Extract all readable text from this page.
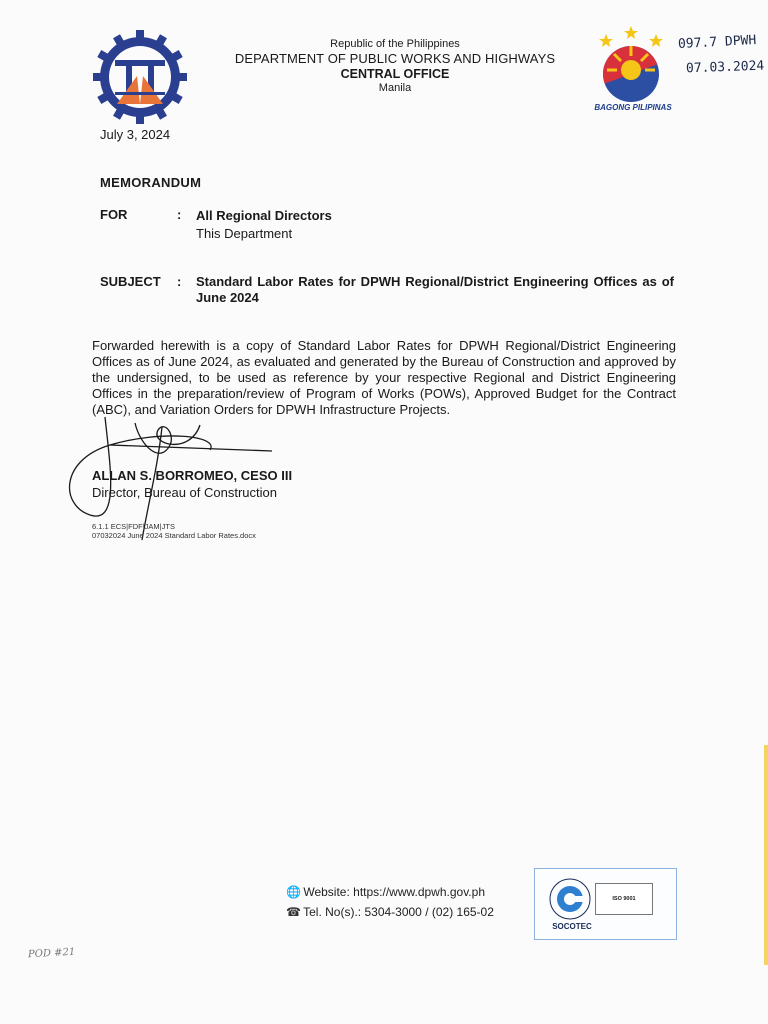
Republic of the Philippines
DEPARTMENT OF PUBLIC WORKS AND HIGHWAYS
CENTRAL OFFICE
Manila
BAGONG PILIPINAS
097.7 DPWH
07.03.2024
July 3, 2024
MEMORANDUM
FOR	: All Regional Directors
This Department
SUBJECT : Standard Labor Rates for DPWH Regional/District Engineering Offices as of June 2024
Forwarded herewith is a copy of Standard Labor Rates for DPWH Regional/District Engineering Offices as of June 2024, as evaluated and generated by the Bureau of Construction and approved by the undersigned, to be used as reference by your respective Regional and District Engineering Offices in the preparation/review of Program of Works (POWs), Approved Budget for the Contract (ABC), and Variation Orders for DPWH Infrastructure Projects.
ALLAN S. BORROMEO, CESO III
Director, Bureau of Construction
6.1.1 ECS|FDF|JAM|JTS
07032024 June 2024 Standard Labor Rates.docx
🌐 Website: https://www.dpwh.gov.ph
☎ Tel. No(s).: 5304-3000 / (02) 165-02
ISO 9001
SOCOTEC
POD #21
